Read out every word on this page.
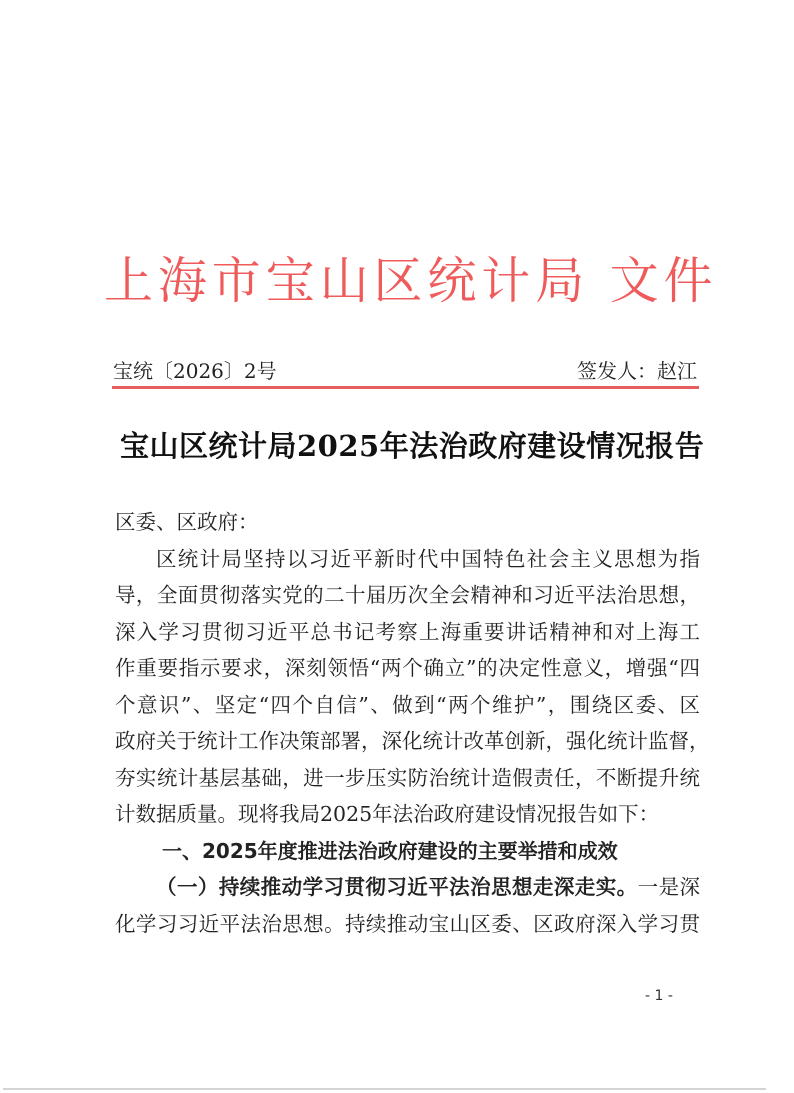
上海市宝山区统计局 文件
宝统〔2026〕2号	签发人：赵江
宝山区统计局2025年法治政府建设情况报告
区委、区政府：
区统计局坚持以习近平新时代中国特色社会主义思想为指
导，全面贯彻落实党的二十届历次全会精神和习近平法治思想，
深入学习贯彻习近平总书记考察上海重要讲话精神和对上海工
作重要指示要求，深刻领悟“两个确立”的决定性意义，增强“四
个意识”、坚定“四个自信”、做到“两个维护”，围绕区委、区
政府关于统计工作决策部署，深化统计改革创新，强化统计监督，
夯实统计基层基础，进一步压实防治统计造假责任，不断提升统
计数据质量。现将我局2025年法治政府建设情况报告如下：
一、2025年度推进法治政府建设的主要举措和成效
（一）持续推动学习贯彻习近平法治思想走深走实。一是深
化学习习近平法治思想。持续推动宝山区委、区政府深入学习贯
- 1 -
